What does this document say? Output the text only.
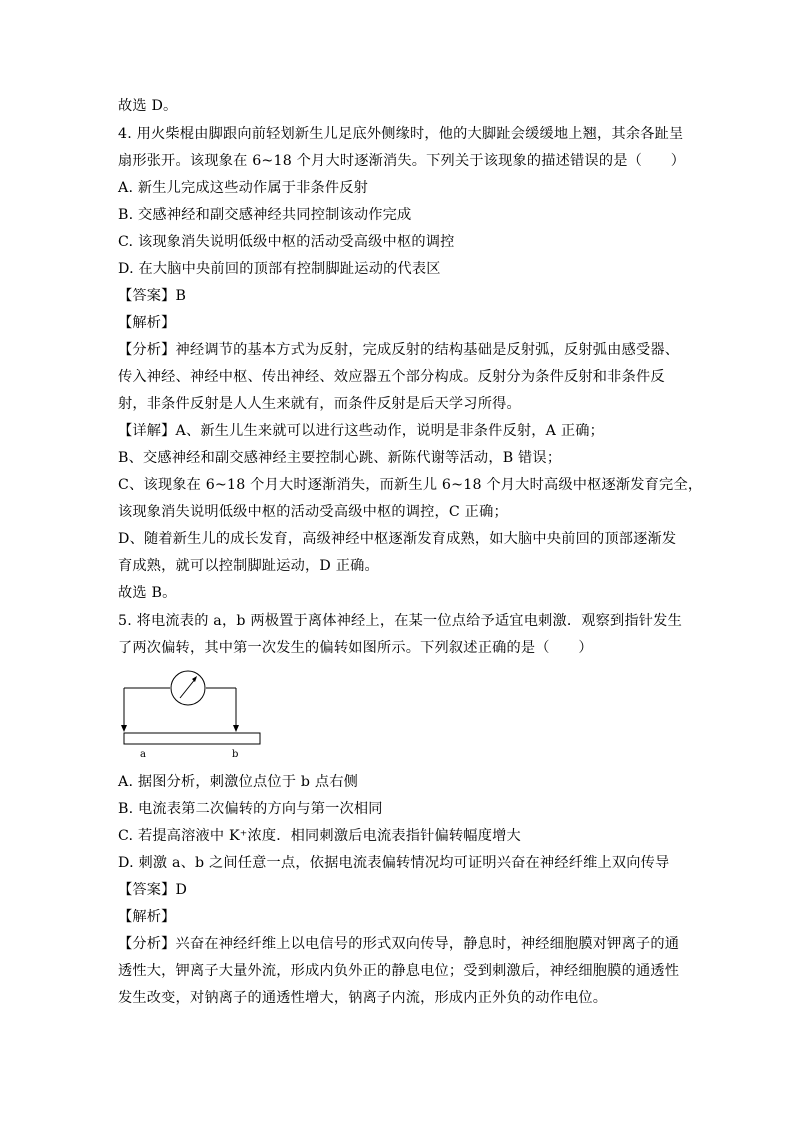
故选 D。
4. 用火柴棍由脚跟向前轻划新生儿足底外侧缘时，他的大脚趾会缓缓地上翘，其余各趾呈
扇形张开。该现象在 6~18 个月大时逐渐消失。下列关于该现象的描述错误的是（　　）
A. 新生儿完成这些动作属于非条件反射
B. 交感神经和副交感神经共同控制该动作完成
C. 该现象消失说明低级中枢的活动受高级中枢的调控
D. 在大脑中央前回的顶部有控制脚趾运动的代表区
【答案】B
【解析】
【分析】神经调节的基本方式为反射，完成反射的结构基础是反射弧，反射弧由感受器、
传入神经、神经中枢、传出神经、效应器五个部分构成。反射分为条件反射和非条件反
射，非条件反射是人人生来就有，而条件反射是后天学习所得。
【详解】A、新生儿生来就可以进行这些动作，说明是非条件反射，A 正确；
B、交感神经和副交感神经主要控制心跳、新陈代谢等活动，B 错误；
C、该现象在 6~18 个月大时逐渐消失，而新生儿 6~18 个月大时高级中枢逐渐发育完全，
该现象消失说明低级中枢的活动受高级中枢的调控，C 正确；
D、随着新生儿的成长发育，高级神经中枢逐渐发育成熟，如大脑中央前回的顶部逐渐发
育成熟，就可以控制脚趾运动，D 正确。
故选 B。
5. 将电流表的 a，b 两极置于离体神经上，在某一位点给予适宜电刺激．观察到指针发生
了两次偏转，其中第一次发生的偏转如图所示。下列叙述正确的是（　　）
a	b
A. 据图分析，刺激位点位于 b 点右侧
B. 电流表第二次偏转的方向与第一次相同
C. 若提高溶液中 K⁺浓度．相同刺激后电流表指针偏转幅度增大
D. 刺激 a、b 之间任意一点，依据电流表偏转情况均可证明兴奋在神经纤维上双向传导
【答案】D
【解析】
【分析】兴奋在神经纤维上以电信号的形式双向传导，静息时，神经细胞膜对钾离子的通
透性大，钾离子大量外流，形成内负外正的静息电位；受到刺激后，神经细胞膜的通透性
发生改变，对钠离子的通透性增大，钠离子内流，形成内正外负的动作电位。
